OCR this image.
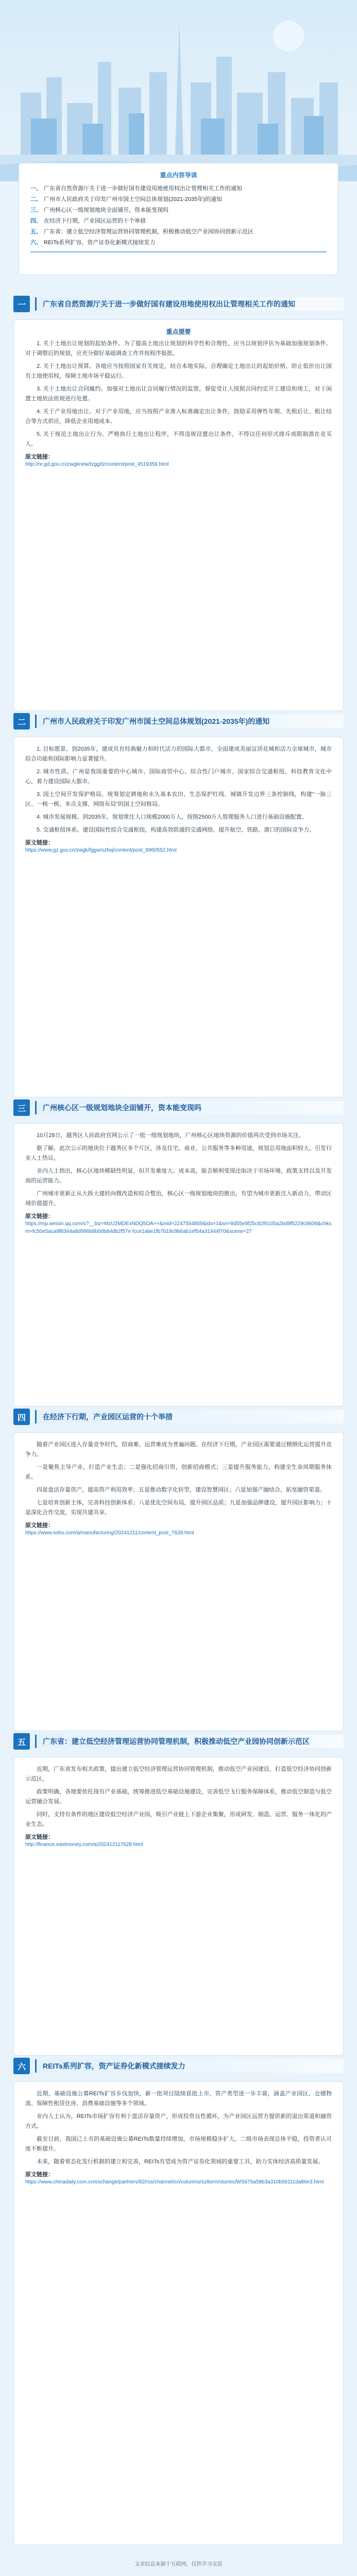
重点内容导读
一、 广东省自然资源厅关于进一步做好国有建设用地使用权出让管理相关工作的通知
二、 广州市人民政府关于印发广州市国土空间总体规划(2021-2035年)的通知
三、 广州核心区一级规划地块全面铺开，资本能变现吗
四、 在经济下行期，产业园区运营的十个举措
五、 广东省：建立低空经济管理运营协同管理机制，积极推动低空产业园协同创新示范区
六、 REITs系列扩容，资产证券化新模式接续发力
一	广东省自然资源厅关于进一步做好国有建设用地使用权出让管理相关工作的通知
重点提要

1. 关于土地出让规划的起始条件。为了提高土地出让规划的科学性和合理性，应当以规划评估为基础加强规划条件。对于调整后的规划，应充分做好基础调查工作并按程序报批。

2. 关于土地出让预算。各地应当按照国家有关规定，结合本地实际，合理确定土地出让的起始价格，防止低价出让国有土地使用权，保障土地市场平稳运行。

3. 关于土地出让合同履约。加强对土地出让合同履行情况的监管，督促受让人按照合同约定开工建设和竣工，对于闲置土地依法依规进行处置。

4. 关于产业用地出让。对于产业用地，应当按照产业准入标准确定出让条件，鼓励采用弹性年期、先租后让、租让结合等方式供应，降低企业用地成本。

5. 关于规范土地出让行为。严格执行土地出让程序，不得违规设置出让条件，不得以任何形式排斥或限制潜在竞买人。

原文链接：
http://nr.gd.gov.cn/zwgknew/tzgg/tz/content/post_4519359.html
二	广州市人民政府关于印发广州市国土空间总体规划(2021-2035年)的通知

1. 目标愿景。到2035年，建成具有经典魅力和时代活力的国际大都市，全面建成美丽宜居花城和活力全球城市，城市综合功能和国际影响力显著提升。

2. 城市性质。广州是我国重要的中心城市、国际商贸中心、综合性门户城市、国家综合交通枢纽、科技教育文化中心，着力建设国际大都市。

3. 国土空间开发保护格局。统筹划定耕地和永久基本农田、生态保护红线、城镇开发边界三条控制线，构建"一脉三区、一核一极、多点支撑、网络布局"的国土空间格局。

4. 城市发展规模。到2035年，规划常住人口规模2000万人，按照2500万人管理服务人口进行基础设施配置。

5. 交通枢纽体系。建设国际性综合交通枢纽，构建高效联通的交通网络，提升航空、铁路、港口的国际竞争力。

原文链接：
https://www.gz.gov.cn/zwgk/fggw/szfwj/content/post_9960552.html
三	广州核心区一级规划地块全面铺开，资本能变现吗

10月28日，越秀区人民政府官网公示了一批一级规划地块，广州核心区地块资源的价值再次受到市场关注。

据了解，此次公示的地块位于越秀区多个片区，涉及住宅、商业、公共服务等多种用途，规划总用地面积较大，引发行业人士热议。

业内人士指出，核心区地块稀缺性明显，但开发难度大、成本高，能否顺利变现还取决于市场环境、政策支持以及开发商的运营能力。

广州城市更新正从大拆大建转向微改造和综合整治，核心区一级规划地块的推出，有望为城市更新注入新动力，带动区域价值提升。

原文链接：
https://mp.weixin.qq.com/s?__biz=MzU2MDExNDQ5OA==&mid=2247554859&idx=1&sn=8d55e9f25c92f6105a2bd9f5229c8606&chksm=fc50e5aca9f8344a8d996b8b0db84db2f57e fcce1abe1fb7b18c9b6ab1ef54a31444f70&scene=27
四	在经济下行期，产业园区运营的十个举措

随着产业园区进入存量竞争时代，招商难、运营难成为普遍问题。在经济下行期，产业园区需要通过精细化运营提升竞争力。

一是聚焦主导产业，打造产业生态；二是强化招商引资，创新招商模式；三是提升服务能力，构建全生命周期服务体系。

四是盘活存量资产，提高资产利用效率；五是推动数字化转型，建设智慧园区；六是加强产融结合，拓宽融资渠道。

七是培育创新主体，完善科技创新体系；八是优化空间布局，提升园区品质；九是加强品牌建设，提升园区影响力；十是深化合作交流，实现共建共享。

原文链接：
https://www.sohu.com/a/manufacturing/20241211/content_post_7628.html
五	广东省：建立低空经济管理运营协同管理机制，积极推动低空产业园协同创新示范区

近期，广东省发布相关政策，提出建立低空经济管理运营协同管理机制，推动低空产业园建设，打造低空经济协同创新示范区。

政策明确，各地要依托现有产业基础，统筹推进低空基础设施建设，完善低空飞行服务保障体系，推动低空制造与低空运营融合发展。

同时，支持有条件的地区建设低空经济产业园，吸引产业链上下游企业集聚，形成研发、制造、运营、服务一体化的产业生态。

原文链接：
http://finance.eastmoney.com/a/202412117628.html
六	REITs系列扩容，资产证券化新模式接续发力

近期，基础设施公募REITs扩容步伐加快，新一批项目陆续获批上市，资产类型进一步丰富，涵盖产业园区、仓储物流、保障性租赁住房、消费基础设施等多个领域。

业内人士认为，REITs市场扩容有利于盘活存量资产，形成投资良性循环，为产业园区运营方提供新的退出渠道和融资方式。

截至目前，我国已上市的基础设施公募REITs数量持续增加，市场规模稳步扩大，二级市场表现总体平稳，投资者认可度不断提升。

未来，随着常态化发行机制的建立和完善，REITs有望成为资产证券化领域的重要工具，助力实体经济高质量发展。

原文链接：
https://www.chinadaily.com.cn/exchange/partners/82/rss/channel/cn/columns/sz8srm/stories/WS675a58b3a310b59111da86e3.html
文章信息来源于互联网，仅供学习交流
